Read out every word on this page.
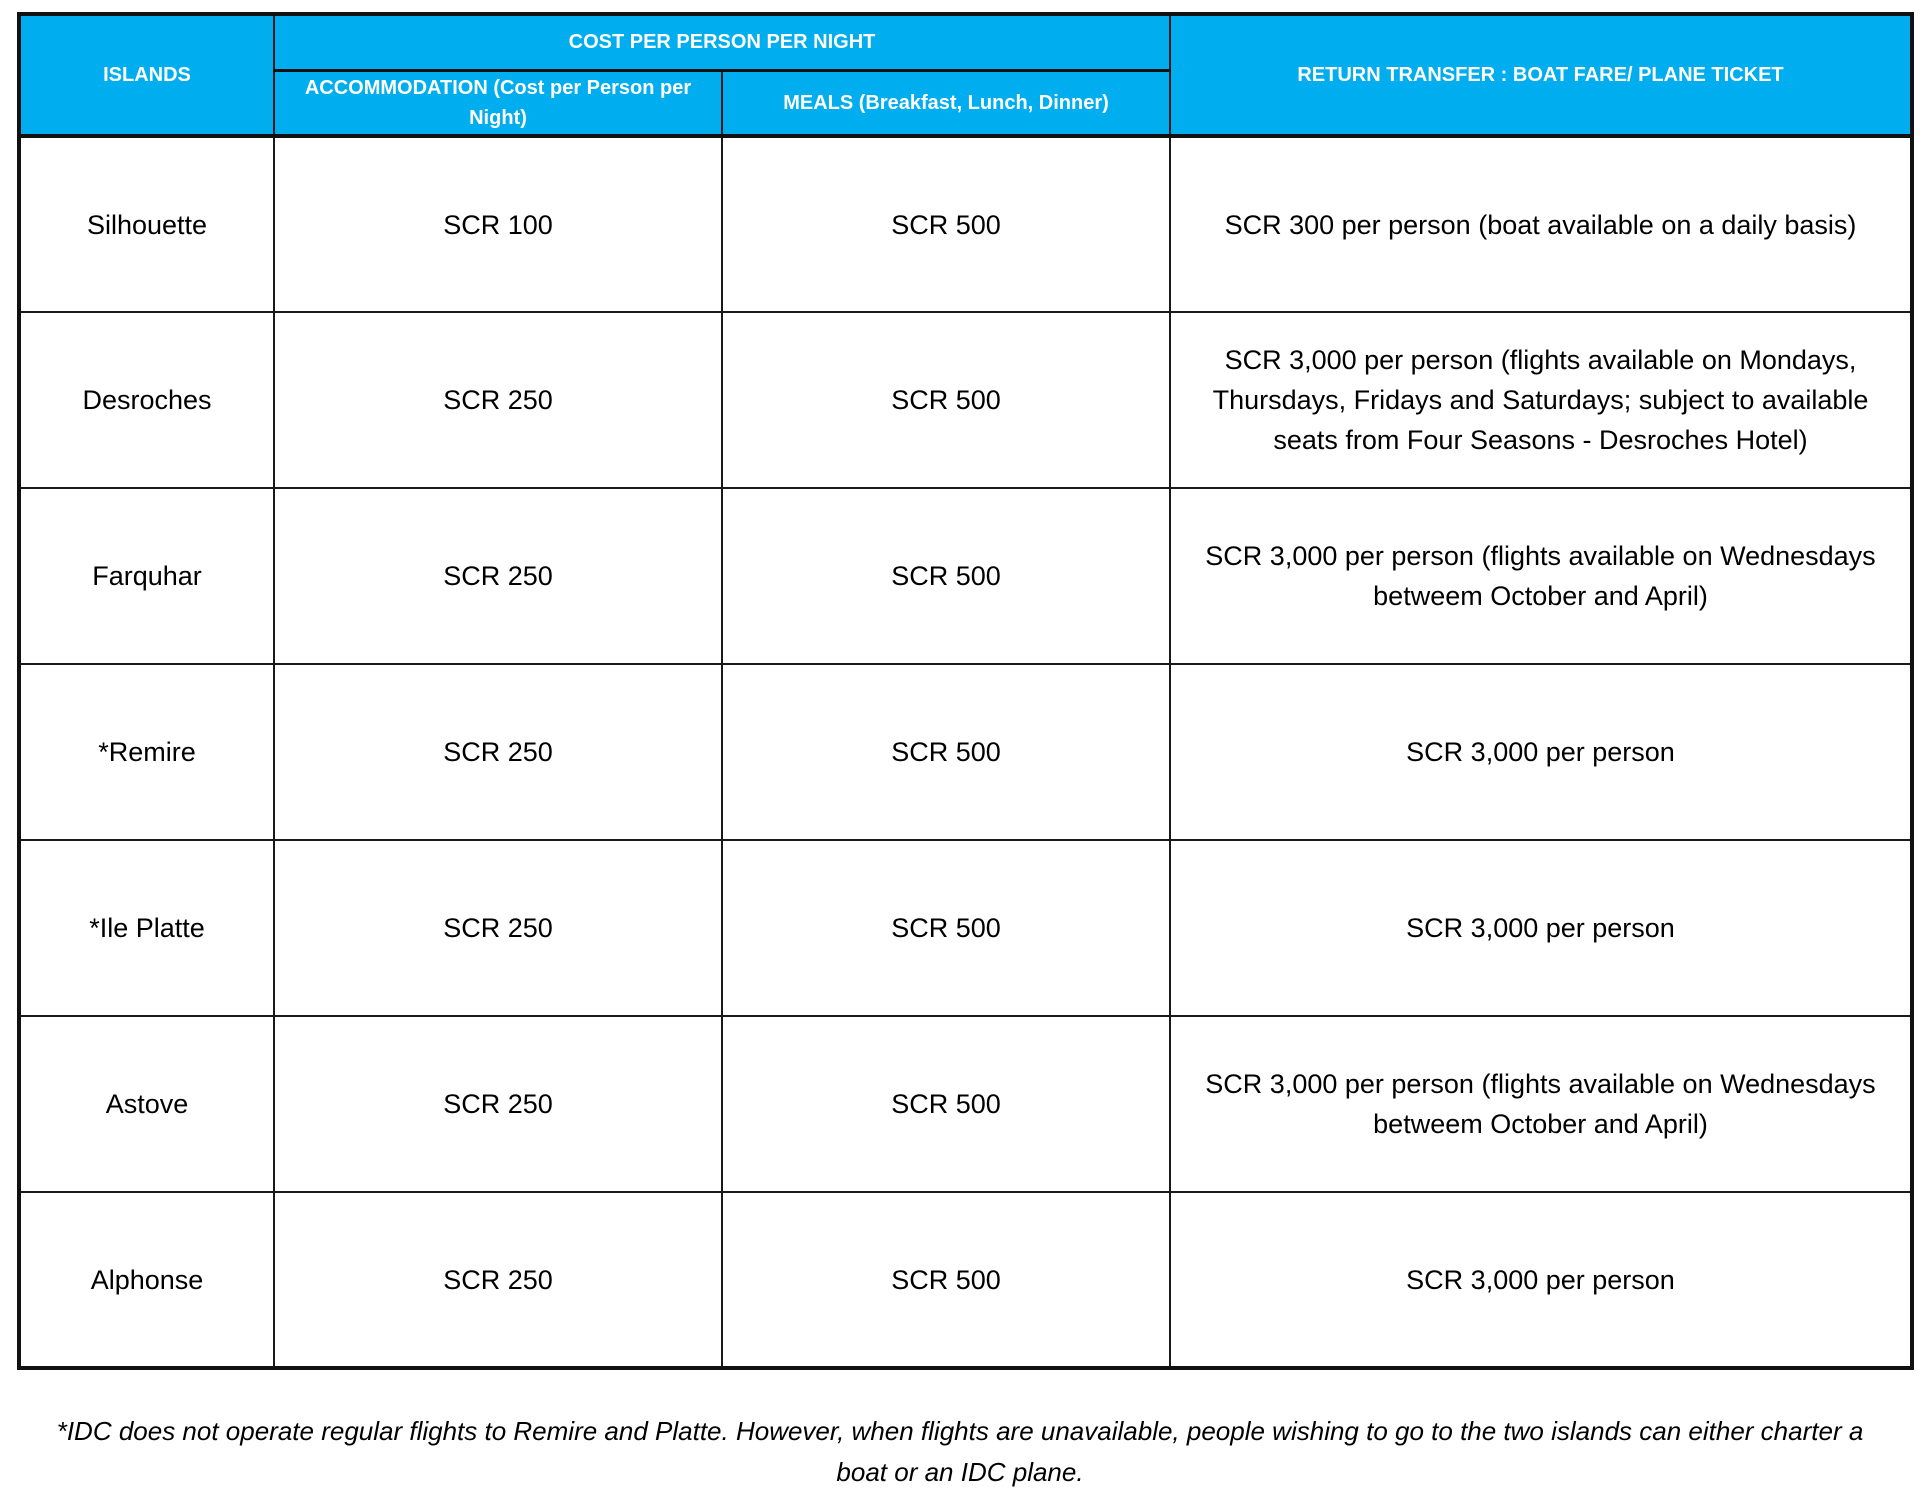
ISLANDS	COST PER PERSON PER NIGHT		RETURN TRANSFER : BOAT FARE/ PLANE TICKET
	ACCOMMODATION (Cost per Person per Night)	MEALS (Breakfast, Lunch, Dinner)	
Silhouette	SCR 100	SCR 500	SCR 300 per person (boat available on a daily basis)
Desroches	SCR 250	SCR 500	SCR 3,000 per person (flights available on Mondays, Thursdays, Fridays and Saturdays; subject to available seats from Four Seasons - Desroches Hotel)
Farquhar	SCR 250	SCR 500	SCR 3,000 per person (flights available on Wednesdays betweem October and April)
*Remire	SCR 250	SCR 500	SCR 3,000 per person
*Ile Platte	SCR 250	SCR 500	SCR 3,000 per person
Astove	SCR 250	SCR 500	SCR 3,000 per person (flights available on Wednesdays betweem October and April)
Alphonse	SCR 250	SCR 500	SCR 3,000 per person
*IDC does not operate regular flights to Remire and Platte. However, when flights are unavailable, people wishing to go to the two islands can either charter a boat or an IDC plane.
